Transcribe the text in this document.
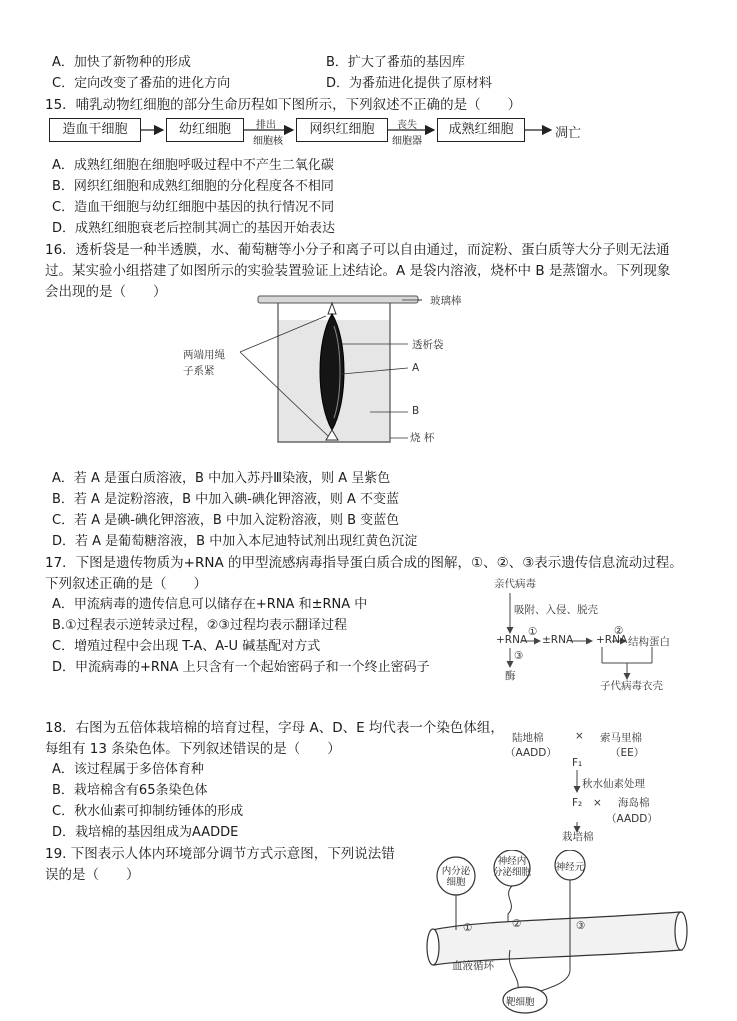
A．加快了新物种的形成	B．扩大了番茄的基因库
C．定向改变了番茄的进化方向	D．为番茄进化提供了原材料
15．哺乳动物红细胞的部分生命历程如下图所示，下列叙述不正确的是（　　）
造血干细胞	幼红细胞	网织红细胞	成熟红细胞
排出
细胞核
丧失
细胞器
凋亡
A．成熟红细胞在细胞呼吸过程中不产生二氧化碳
B．网织红细胞和成熟红细胞的分化程度各不相同
C．造血干细胞与幼红细胞中基因的执行情况不同
D．成熟红细胞衰老后控制其凋亡的基因开始表达
16．透析袋是一种半透膜，水、葡萄糖等小分子和离子可以自由通过，而淀粉、蛋白质等大分子则无法通
过。某实验小组搭建了如图所示的实验装置验证上述结论。A 是袋内溶液，烧杯中 B 是蒸馏水。下列现象
会出现的是（　　）
玻璃棒
两端用绳
子系紧
透析袋
A
B
烧 杯
A．若 A 是蛋白质溶液，B 中加入苏丹Ⅲ染液，则 A 呈紫色
B．若 A 是淀粉溶液，B 中加入碘-碘化钾溶液，则 A 不变蓝
C．若 A 是碘-碘化钾溶液，B 中加入淀粉溶液，则 B 变蓝色
D．若 A 是葡萄糖溶液，B 中加入本尼迪特试剂出现红黄色沉淀
17．下图是遗传物质为+RNA 的甲型流感病毒指导蛋白质合成的图解，①、②、③表示遗传信息流动过程。
下列叙述正确的是（　　）
A．甲流病毒的遗传信息可以储存在+RNA 和±RNA 中
B.①过程表示逆转录过程，②③过程均表示翻译过程
C．增殖过程中会出现 T-A、A-U 碱基配对方式
D．甲流病毒的+RNA 上只含有一个起始密码子和一个终止密码子
亲代病毒
吸附、入侵、脱壳
+RNA
①
±RNA +RNA
②
结构蛋白
③
酶
子代病毒衣壳
18．右图为五倍体栽培棉的培育过程，字母 A、D、E 均代表一个染色体组，
每组有 13 条染色体。下列叙述错误的是（　　）
A．该过程属于多倍体育种
B．栽培棉含有65条染色体
C．秋水仙素可抑制纺锤体的形成
D．栽培棉的基因组成为AADDE
陆地棉
（AADD）
× 索马里棉
（EE）
F₁
秋水仙素处理
F₂ × 海岛棉
（AADD）
栽培棉
19. 下图表示人体内环境部分调节方式示意图，下列说法错
误的是（　　）	内分泌
细胞
神经内
分泌细胞	神经元
①	②	③
血液循环
靶细胞
